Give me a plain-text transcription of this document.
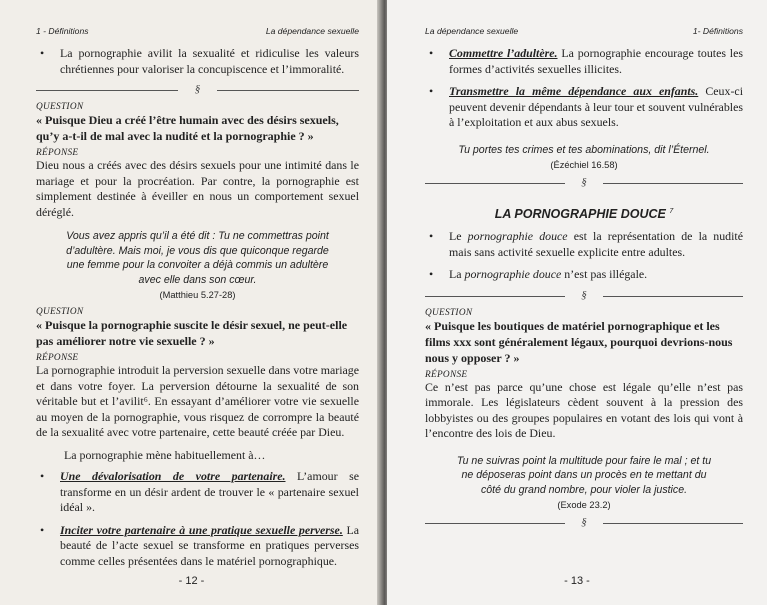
1 - Définitions	La dépendance sexuelle

• La pornographie avilit la sexualité et ridiculise les valeurs chrétiennes pour valoriser la concupiscence et l’immoralité.

§
QUESTION

« Puisque Dieu a créé l’être humain avec des désirs sexuels, qu’y a-t-il de mal avec la nudité et la pornographie ? »

RÉPONSE

Dieu nous a créés avec des désirs sexuels pour une intimité dans le mariage et pour la procréation. Par contre, la pornographie est simplement destinée à éveiller en nous un comportement sexuel déréglé.

Vous avez appris qu’il a été dit : Tu ne commettras point d’adultère. Mais moi, je vous dis que quiconque regarde une femme pour la convoiter a déjà commis un adultère avec elle dans son cœur.
(Matthieu 5.27-28)
QUESTION

« Puisque la pornographie suscite le désir sexuel, ne peut-elle pas améliorer notre vie sexuelle ? »

RÉPONSE

La pornographie introduit la perversion sexuelle dans votre mariage et dans votre foyer. La perversion détourne la sexualité de son véritable but et l’avilit⁶. En essayant d’améliorer votre vie sexuelle au moyen de la pornographie, vous risquez de corrompre la beauté de la sexualité avec votre partenaire, cette beauté créée par Dieu.

La pornographie mène habituellement à…

• Une dévalorisation de votre partenaire. L’amour se transforme en un désir ardent de trouver le « partenaire sexuel idéal ».

• Inciter votre partenaire à une pratique sexuelle perverse. La beauté de l’acte sexuel se transforme en pratiques perverses comme celles présentées dans le matériel pornographique.

- 12 -
La dépendance sexuelle	1- Définitions

• Commettre l’adultère. La pornographie encourage toutes les formes d’activités sexuelles illicites.

• Transmettre la même dépendance aux enfants. Ceux-ci peuvent devenir dépendants à leur tour et souvent vulnérables à l’exploitation et aux abus sexuels.

Tu portes tes crimes et tes abominations, dit l’Éternel.
(Ézéchiel 16.58)
§
LA PORNOGRAPHIE DOUCE $^7$

• Le pornographie douce est la représentation de la nudité mais sans activité sexuelle explicite entre adultes.

• La pornographie douce n’est pas illégale.

§
QUESTION

« Puisque les boutiques de matériel pornographique et les films xxx sont généralement légaux, pourquoi devrions-nous nous y opposer ? »

RÉPONSE

Ce n’est pas parce qu’une chose est légale qu’elle n’est pas immorale. Les législateurs cèdent souvent à la pression des lobbyistes ou des groupes populaires en votant des lois qui vont à l’encontre des lois de Dieu.

Tu ne suivras point la multitude pour faire le mal ; et tu ne déposeras point dans un procès en te mettant du côté du grand nombre, pour violer la justice.
(Exode 23.2)
§
- 13 -
